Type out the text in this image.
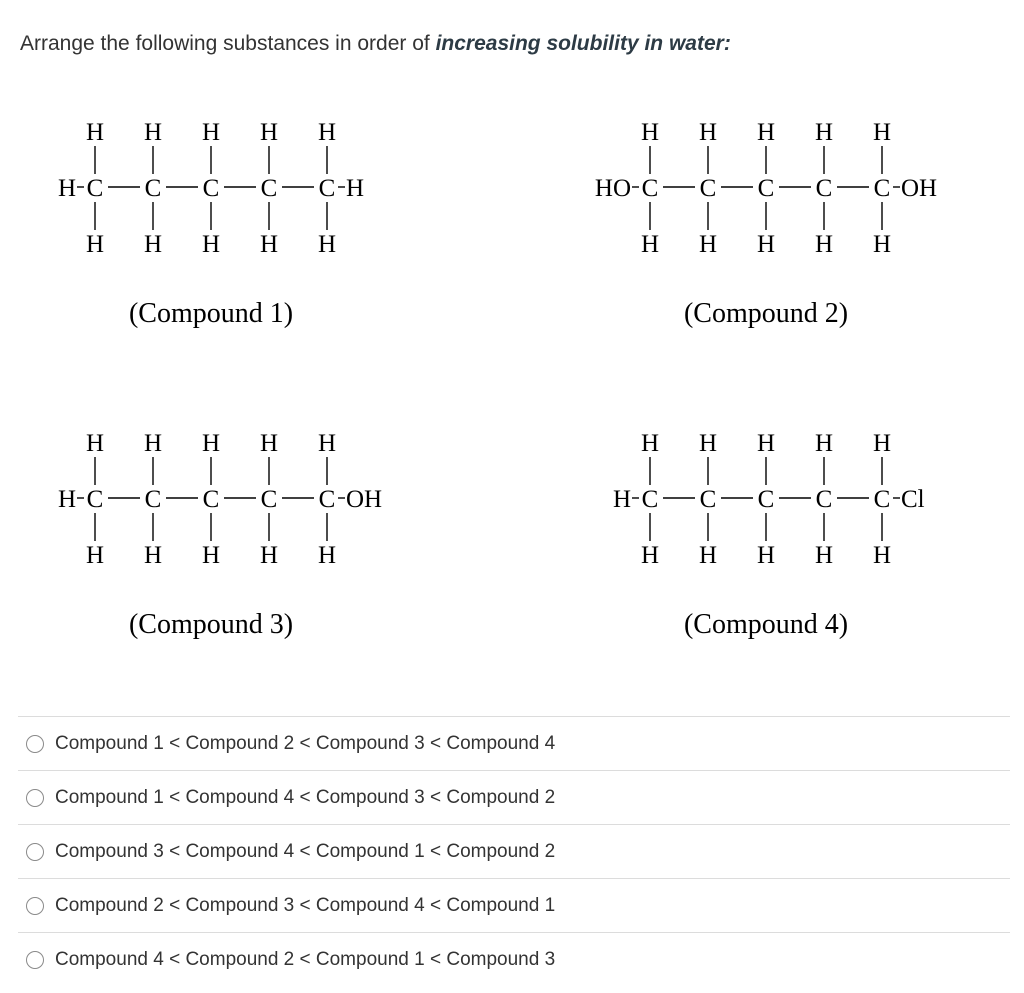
Arrange the following substances in order of increasing solubility in water:
H
C
H
H
C
H
H
C
H
H
C
H
H
C
H
H	H
(Compound 1)
H
C
H
H
C
H
H
C
H
H
C
H
H
C
H
HO	OH
(Compound 2)
H
C
H
H
C
H
H
C
H
H
C
H
H
C
H
H	OH
(Compound 3)
H
C
H
H
C
H
H
C
H
H
C
H
H
C
H
H	Cl
(Compound 4)
Compound 1 < Compound 2 < Compound 3 < Compound 4
Compound 1 < Compound 4 < Compound 3 < Compound 2
Compound 3 < Compound 4 < Compound 1 < Compound 2
Compound 2 < Compound 3 < Compound 4 < Compound 1
Compound 4 < Compound 2 < Compound 1 < Compound 3
